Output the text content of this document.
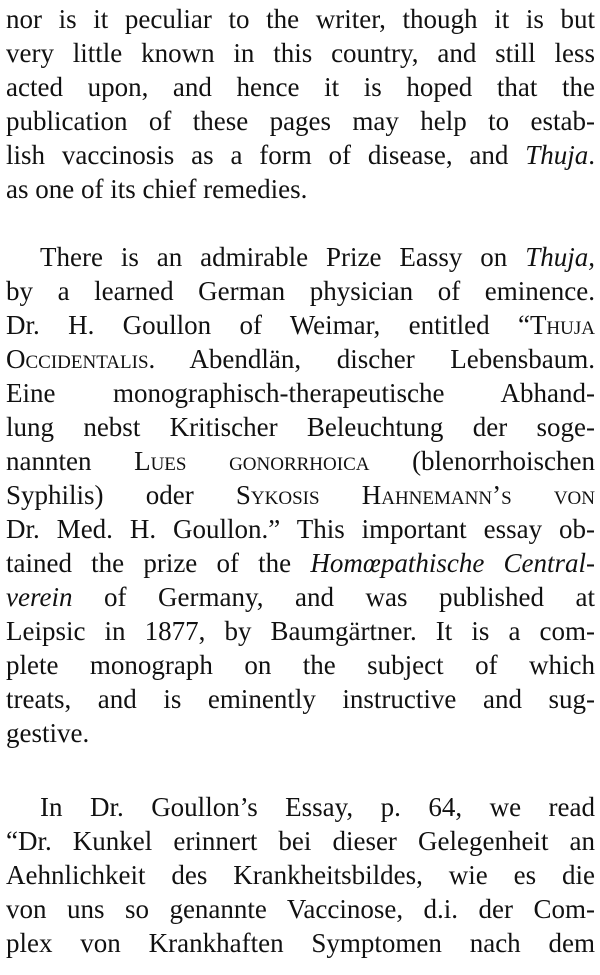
nor is it peculiar to the writer, though it is but
very little known in this country, and still less
acted upon, and hence it is hoped that the
publication of these pages may help to estab-
lish vaccinosis as a form of disease, and Thuja.
as one of its chief remedies.
There is an admirable Prize Eassy on Thuja,
by a learned German physician of eminence.
Dr. H. Goullon of Weimar, entitled “Thuja
Occidentalis. Abendlän, discher Lebensbaum.
Eine monographisch-therapeutische Abhand-
lung nebst Kritischer Beleuchtung der soge-
nannten Lues gonorrhoica (blenorrhoischen
Syphilis) oder Sykosis Hahnemann’s von
Dr. Med. H. Goullon.” This important essay ob-
tained the prize of the Homœpathische Central-
verein of Germany, and was published at
Leipsic in 1877, by Baumgärtner. It is a com-
plete monograph on the subject of which
treats, and is eminently instructive and sug-
gestive.
In Dr. Goullon’s Essay, p. 64, we read
“Dr. Kunkel erinnert bei dieser Gelegenheit an
Aehnlichkeit des Krankheitsbildes, wie es die
von uns so genannte Vaccinose, d.i. der Com-
plex von Krankhaften Symptomen nach dem
